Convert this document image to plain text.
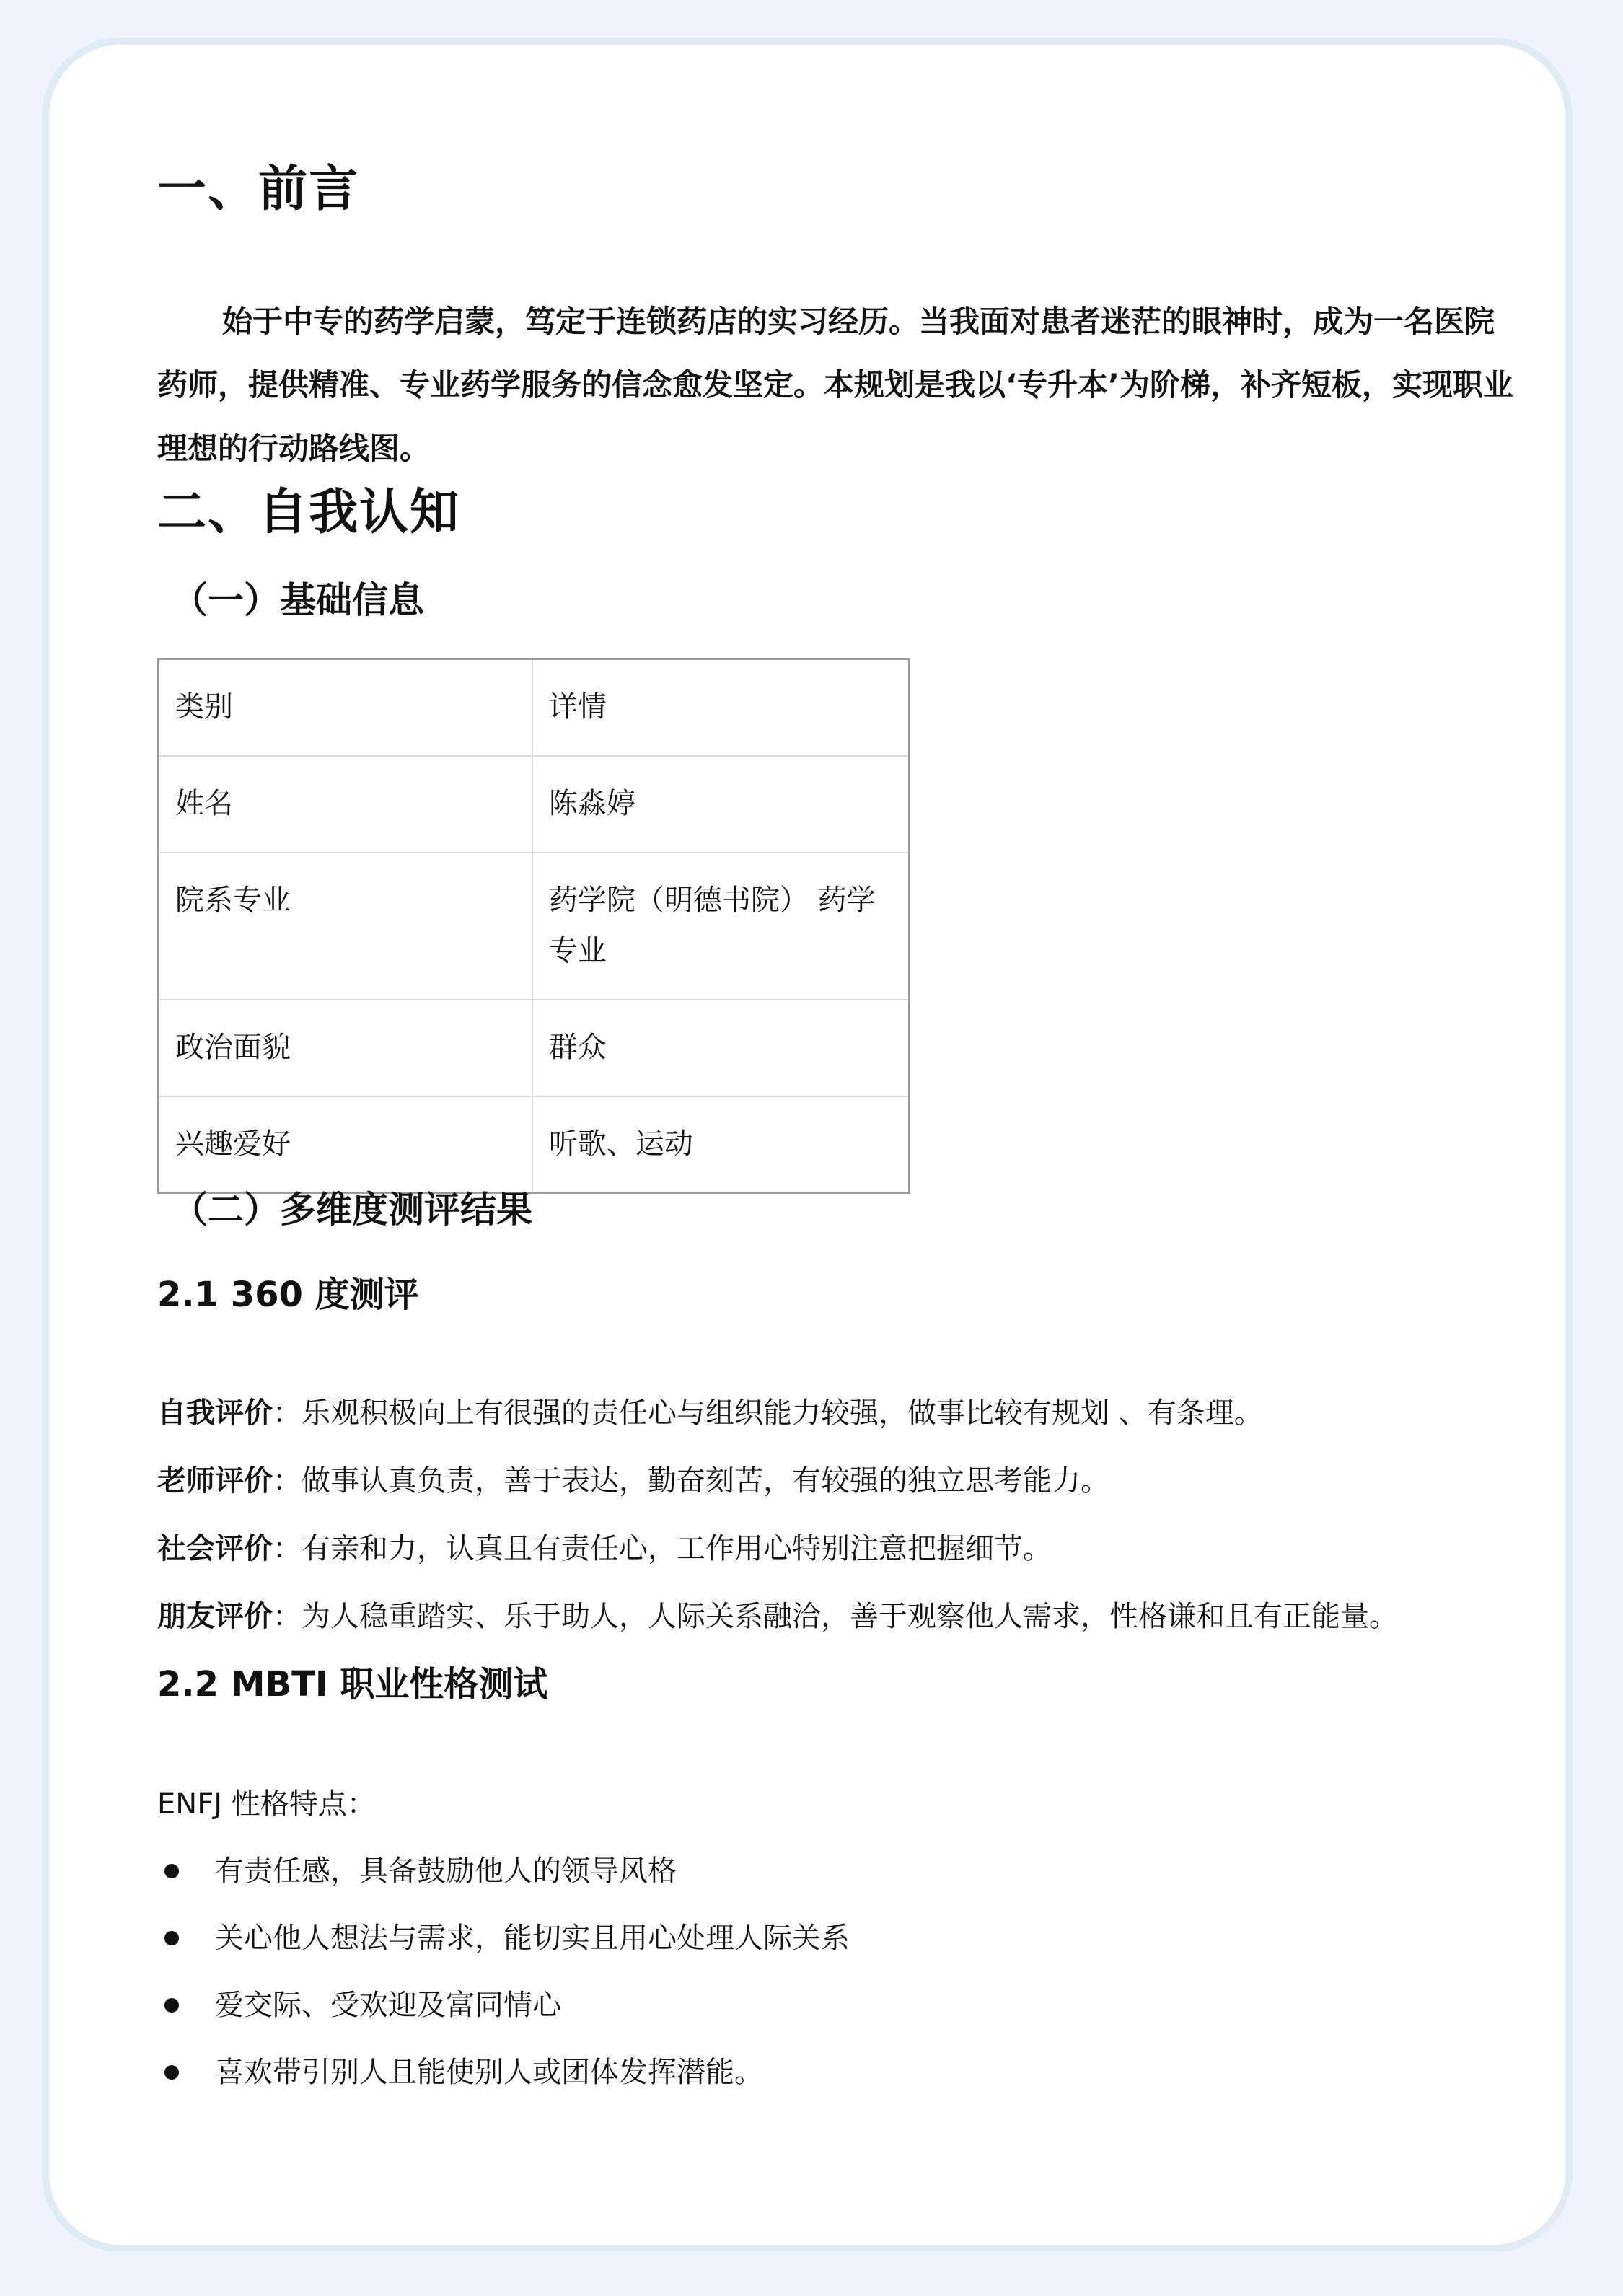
一、前言

始于中专的药学启蒙，笃定于连锁药店的实习经历。当我面对患者迷茫的眼神时，成为一名医院药师，提供精准、专业药学服务的信念愈发坚定。本规划是我以‘专升本’为阶梯，补齐短板，实现职业理想的行动路线图。

二、自我认知
（一）基础信息
类别	详情
姓名	陈淼婷
院系专业	药学院（明德书院） 药学专业
政治面貌	群众
兴趣爱好	听歌、运动
（二）多维度测评结果
2.1 360 度测评
自我评价：乐观积极向上有很强的责任心与组织能力较强，做事比较有规划 、有条理。
老师评价：做事认真负责，善于表达，勤奋刻苦，有较强的独立思考能力。
社会评价：有亲和力，认真且有责任心，工作用心特别注意把握细节。
朋友评价：为人稳重踏实、乐于助人，人际关系融洽，善于观察他人需求，性格谦和且有正能量。
2.2 MBTI 职业性格测试

ENFJ 性格特点：

有责任感，具备鼓励他人的领导风格
关心他人想法与需求，能切实且用心处理人际关系
爱交际、受欢迎及富同情心
喜欢带引别人且能使别人或团体发挥潜能。
